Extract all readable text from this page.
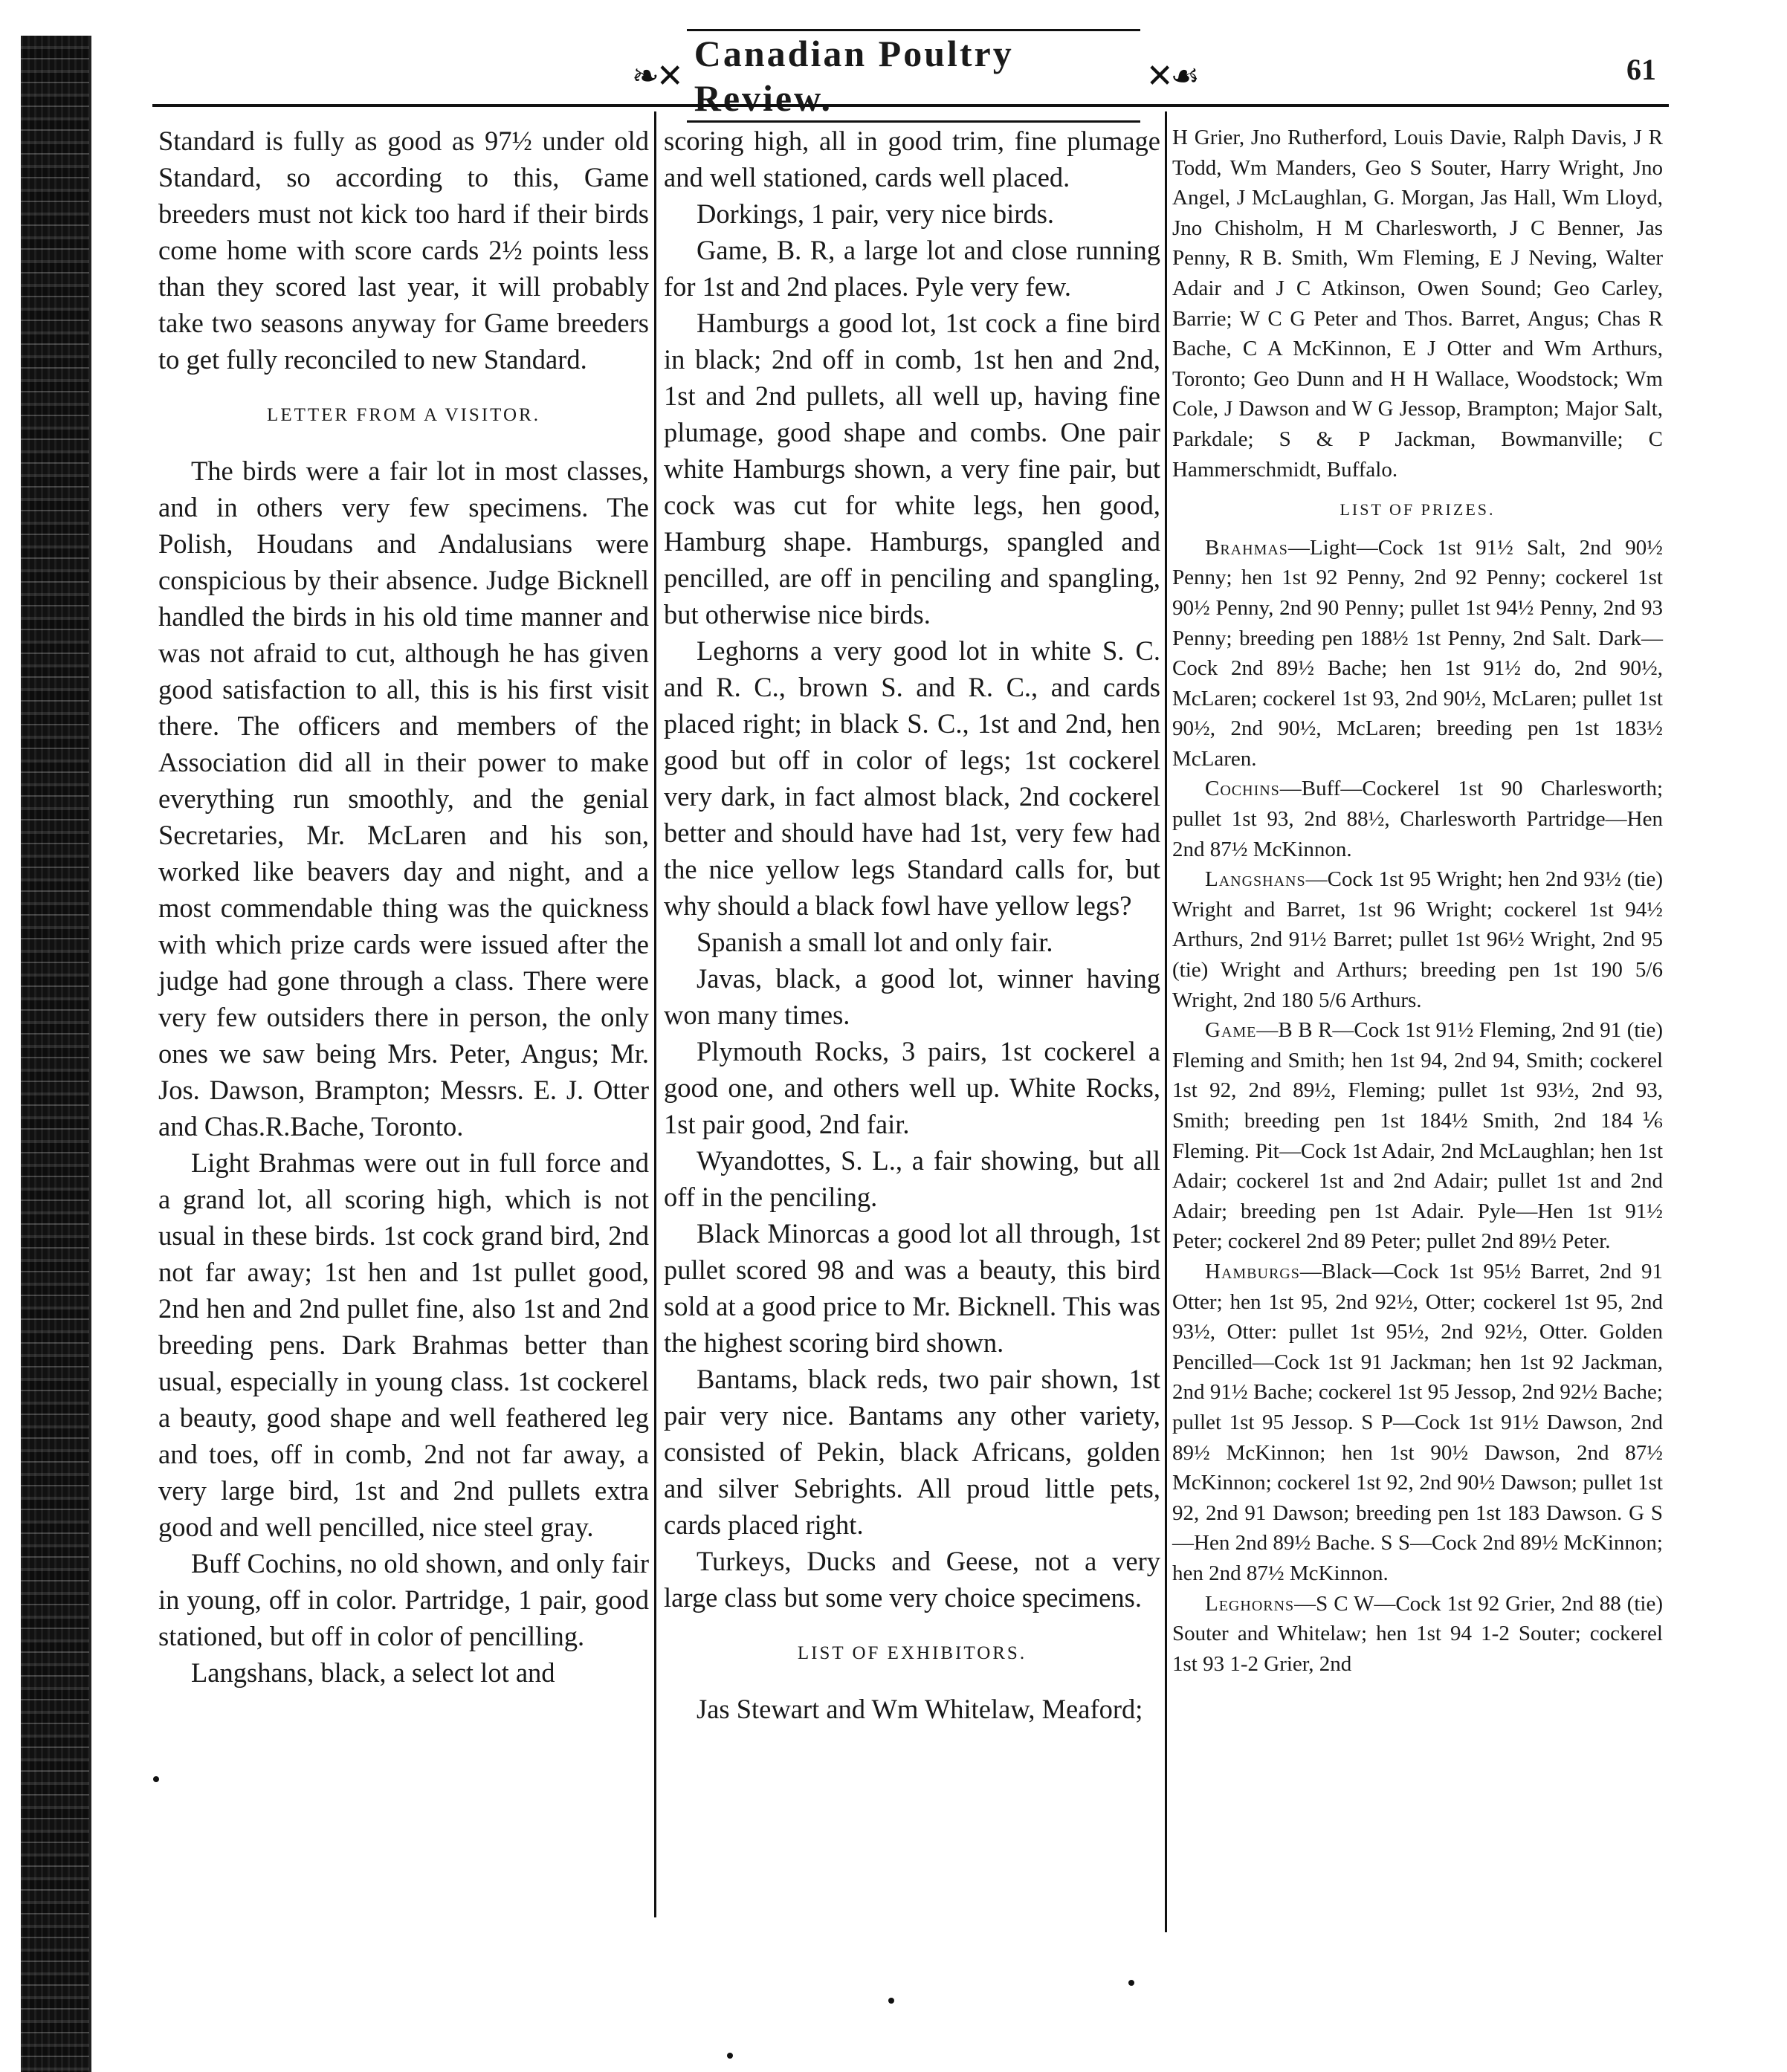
❧✕
Canadian Poultry Review.
✕☙	61

Standard is fully as good as 97½ under old Standard, so according to this, Game breeders must not kick too hard if their birds come home with score cards 2½ points less than they scored last year, it will probably take two seasons anyway for Game breeders to get fully reconciled to new Standard.

LETTER FROM A VISITOR.

The birds were a fair lot in most classes, and in others very few specimens. The Polish, Houdans and Andalusians were conspicious by their absence. Judge Bicknell handled the birds in his old time manner and was not afraid to cut, although he has given good satisfaction to all, this is his first visit there. The officers and members of the Association did all in their power to make everything run smoothly, and the genial Secretaries, Mr. McLaren and his son, worked like beavers day and night, and a most commendable thing was the quickness with which prize cards were issued after the judge had gone through a class. There were very few outsiders there in person, the only ones we saw being Mrs. Peter, Angus; Mr. Jos. Dawson, Brampton; Messrs. E. J. Otter and Chas.R.Bache, Toronto.

Light Brahmas were out in full force and a grand lot, all scoring high, which is not usual in these birds. 1st cock grand bird, 2nd not far away; 1st hen and 1st pullet good, 2nd hen and 2nd pullet fine, also 1st and 2nd breeding pens. Dark Brahmas better than usual, especially in young class. 1st cockerel a beauty, good shape and well feathered leg and toes, off in comb, 2nd not far away, a very large bird, 1st and 2nd pullets extra good and well pencilled, nice steel gray.

Buff Cochins, no old shown, and only fair in young, off in color. Partridge, 1 pair, good stationed, but off in color of pencilling.

Langshans, black, a select lot and

scoring high, all in good trim, fine plumage and well stationed, cards well placed.

Dorkings, 1 pair, very nice birds.

Game, B. R, a large lot and close running for 1st and 2nd places. Pyle very few.

Hamburgs a good lot, 1st cock a fine bird in black; 2nd off in comb, 1st hen and 2nd, 1st and 2nd pullets, all well up, having fine plumage, good shape and combs. One pair white Hamburgs shown, a very fine pair, but cock was cut for white legs, hen good, Hamburg shape. Hamburgs, spangled and pencilled, are off in penciling and spangling, but otherwise nice birds.

Leghorns a very good lot in white S. C. and R. C., brown S. and R. C., and cards placed right; in black S. C., 1st and 2nd, hen good but off in color of legs; 1st cockerel very dark, in fact almost black, 2nd cockerel better and should have had 1st, very few had the nice yellow legs Standard calls for, but why should a black fowl have yellow legs?

Spanish a small lot and only fair.

Javas, black, a good lot, winner having won many times.

Plymouth Rocks, 3 pairs, 1st cockerel a good one, and others well up. White Rocks, 1st pair good, 2nd fair.

Wyandottes, S. L., a fair showing, but all off in the penciling.

Black Minorcas a good lot all through, 1st pullet scored 98 and was a beauty, this bird sold at a good price to Mr. Bicknell. This was the highest scoring bird shown.

Bantams, black reds, two pair shown, 1st pair very nice. Bantams any other variety, consisted of Pekin, black Africans, golden and silver Sebrights. All proud little pets, cards placed right.

Turkeys, Ducks and Geese, not a very large class but some very choice specimens.

LIST OF EXHIBITORS.

Jas Stewart and Wm Whitelaw, Meaford;

H Grier, Jno Rutherford, Louis Davie, Ralph Davis, J R Todd, Wm Manders, Geo S Souter, Harry Wright, Jno Angel, J McLaughlan, G. Morgan, Jas Hall, Wm Lloyd, Jno Chisholm, H M Charlesworth, J C Benner, Jas Penny, R B. Smith, Wm Fleming, E J Neving, Walter Adair and J C Atkinson, Owen Sound; Geo Carley, Barrie; W C G Peter and Thos. Barret, Angus; Chas R Bache, C A McKinnon, E J Otter and Wm Arthurs, Toronto; Geo Dunn and H H Wallace, Woodstock; Wm Cole, J Dawson and W G Jessop, Brampton; Major Salt, Parkdale; S & P Jackman, Bowmanville; C Hammerschmidt, Buffalo.

LIST OF PRIZES.

Brahmas—Light—Cock 1st 91½ Salt, 2nd 90½ Penny; hen 1st 92 Penny, 2nd 92 Penny; cockerel 1st 90½ Penny, 2nd 90 Penny; pullet 1st 94½ Penny, 2nd 93 Penny; breeding pen 188½ 1st Penny, 2nd Salt. Dark—Cock 2nd 89½ Bache; hen 1st 91½ do, 2nd 90½, McLaren; cockerel 1st 93, 2nd 90½, McLaren; pullet 1st 90½, 2nd 90½, McLaren; breeding pen 1st 183½ McLaren.

Cochins—Buff—Cockerel 1st 90 Charlesworth; pullet 1st 93, 2nd 88½, Charlesworth Partridge—Hen 2nd 87½ McKinnon.

Langshans—Cock 1st 95 Wright; hen 2nd 93½ (tie) Wright and Barret, 1st 96 Wright; cockerel 1st 94½ Arthurs, 2nd 91½ Barret; pullet 1st 96½ Wright, 2nd 95 (tie) Wright and Arthurs; breeding pen 1st 190 5/6 Wright, 2nd 180 5/6 Arthurs.

Game—B B R—Cock 1st 91½ Fleming, 2nd 91 (tie) Fleming and Smith; hen 1st 94, 2nd 94, Smith; cockerel 1st 92, 2nd 89½, Fleming; pullet 1st 93½, 2nd 93, Smith; breeding pen 1st 184½ Smith, 2nd 184⅙ Fleming. Pit—Cock 1st Adair, 2nd McLaughlan; hen 1st Adair; cockerel 1st and 2nd Adair; pullet 1st and 2nd Adair; breeding pen 1st Adair. Pyle—Hen 1st 91½ Peter; cockerel 2nd 89 Peter; pullet 2nd 89½ Peter.

Hamburgs—Black—Cock 1st 95½ Barret, 2nd 91 Otter; hen 1st 95, 2nd 92½, Otter; cockerel 1st 95, 2nd 93½, Otter: pullet 1st 95½, 2nd 92½, Otter. Golden Pencilled—Cock 1st 91 Jackman; hen 1st 92 Jackman, 2nd 91½ Bache; cockerel 1st 95 Jessop, 2nd 92½ Bache; pullet 1st 95 Jessop. S P—Cock 1st 91½ Dawson, 2nd 89½ McKinnon; hen 1st 90½ Dawson, 2nd 87½ McKinnon; cockerel 1st 92, 2nd 90½ Dawson; pullet 1st 92, 2nd 91 Dawson; breeding pen 1st 183 Dawson. G S—Hen 2nd 89½ Bache. S S—Cock 2nd 89½ McKinnon; hen 2nd 87½ McKinnon.

Leghorns—S C W—Cock 1st 92 Grier, 2nd 88 (tie) Souter and Whitelaw; hen 1st 94 1-2 Souter; cockerel 1st 93 1-2 Grier, 2nd
